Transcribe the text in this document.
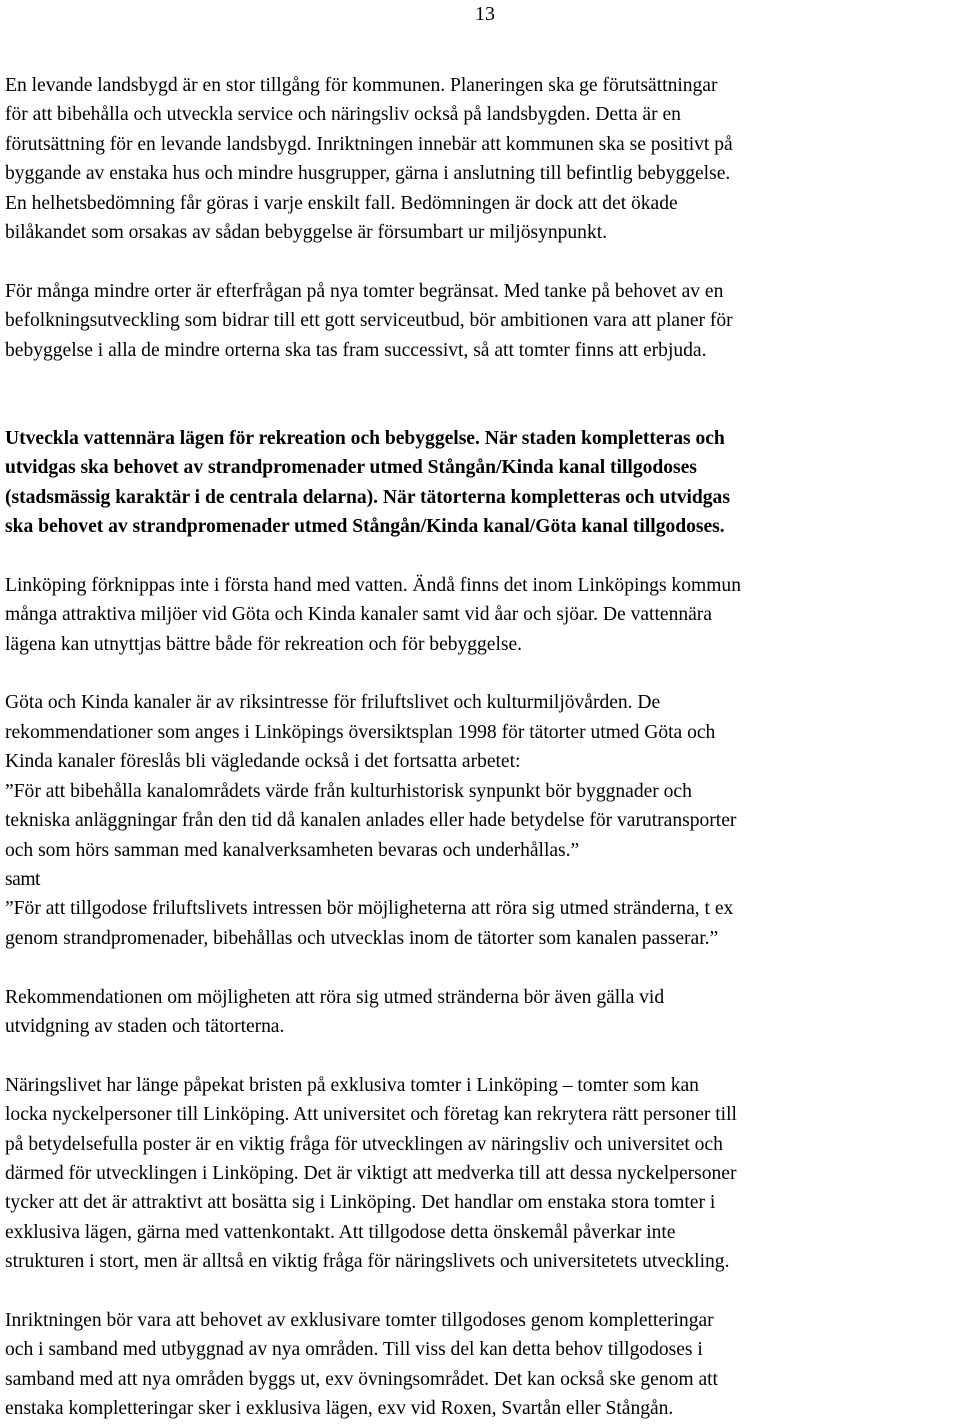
13
En levande landsbygd är en stor tillgång för kommunen. Planeringen ska ge förutsättningar
för att bibehålla och utveckla service och näringsliv också på landsbygden. Detta är en
förutsättning för en levande landsbygd. Inriktningen innebär att kommunen ska se positivt på
byggande av enstaka hus och mindre husgrupper, gärna i anslutning till befintlig bebyggelse.
En helhetsbedömning får göras i varje enskilt fall. Bedömningen är dock att det ökade
bilåkandet som orsakas av sådan bebyggelse är försumbart ur miljösynpunkt.
För många mindre orter är efterfrågan på nya tomter begränsat. Med tanke på behovet av en
befolkningsutveckling som bidrar till ett gott serviceutbud, bör ambitionen vara att planer för
bebyggelse i alla de mindre orterna ska tas fram successivt, så att tomter finns att erbjuda.
Utveckla vattennära lägen för rekreation och bebyggelse. När staden kompletteras och
utvidgas ska behovet av strandpromenader utmed Stångån/Kinda kanal tillgodoses
(stadsmässig karaktär i de centrala delarna). När tätorterna kompletteras och utvidgas
ska behovet av strandpromenader utmed Stångån/Kinda kanal/Göta kanal tillgodoses.
Linköping förknippas inte i första hand med vatten. Ändå finns det inom Linköpings kommun
många attraktiva miljöer vid Göta och Kinda kanaler samt vid åar och sjöar. De vattennära
lägena kan utnyttjas bättre både för rekreation och för bebyggelse.
Göta och Kinda kanaler är av riksintresse för friluftslivet och kulturmiljövården. De
rekommendationer som anges i Linköpings översiktsplan 1998 för tätorter utmed Göta och
Kinda kanaler föreslås bli vägledande också i det fortsatta arbetet:
”För att bibehålla kanalområdets värde från kulturhistorisk synpunkt bör byggnader och
tekniska anläggningar från den tid då kanalen anlades eller hade betydelse för varutransporter
och som hörs samman med kanalverksamheten bevaras och underhållas.”
samt
”För att tillgodose friluftslivets intressen bör möjligheterna att röra sig utmed stränderna, t ex
genom strandpromenader, bibehållas och utvecklas inom de tätorter som kanalen passerar.”
Rekommendationen om möjligheten att röra sig utmed stränderna bör även gälla vid
utvidgning av staden och tätorterna.
Näringslivet har länge påpekat bristen på exklusiva tomter i Linköping – tomter som kan
locka nyckelpersoner till Linköping. Att universitet och företag kan rekrytera rätt personer till
på betydelsefulla poster är en viktig fråga för utvecklingen av näringsliv och universitet och
därmed för utvecklingen i Linköping. Det är viktigt att medverka till att dessa nyckelpersoner
tycker att det är attraktivt att bosätta sig i Linköping. Det handlar om enstaka stora tomter i
exklusiva lägen, gärna med vattenkontakt. Att tillgodose detta önskemål påverkar inte
strukturen i stort, men är alltså en viktig fråga för näringslivets och universitetets utveckling.
Inriktningen bör vara att behovet av exklusivare tomter tillgodoses genom kompletteringar
och i samband med utbyggnad av nya områden. Till viss del kan detta behov tillgodoses i
samband med att nya områden byggs ut, exv övningsområdet. Det kan också ske genom att
enstaka kompletteringar sker i exklusiva lägen, exv vid Roxen, Svartån eller Stångån.
